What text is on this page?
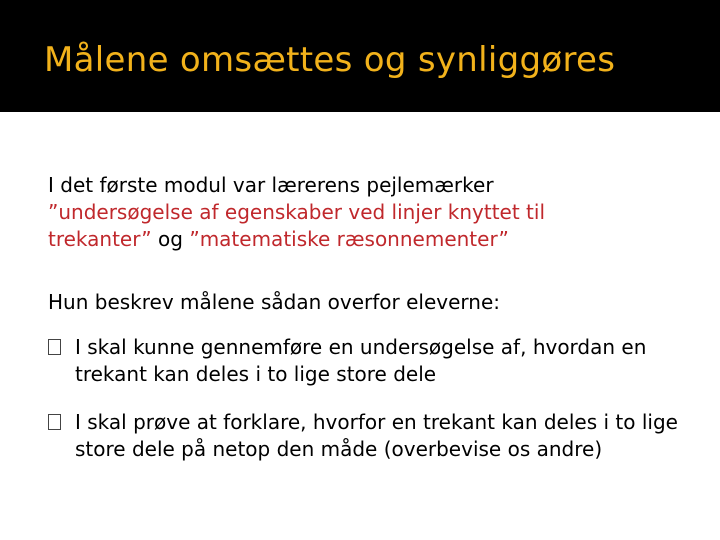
Målene omsættes og synliggøres

I det første modul var lærerens pejlemærker
”undersøgelse af egenskaber ved linjer knyttet til
trekanter” og ”matematiske ræsonnementer”

Hun beskrev målene sådan overfor eleverne:

I skal kunne gennemføre en undersøgelse af, hvordan en trekant kan deles i to lige store dele
I skal prøve at forklare, hvorfor en trekant kan deles i to lige store dele på netop den måde (overbevise os andre)
